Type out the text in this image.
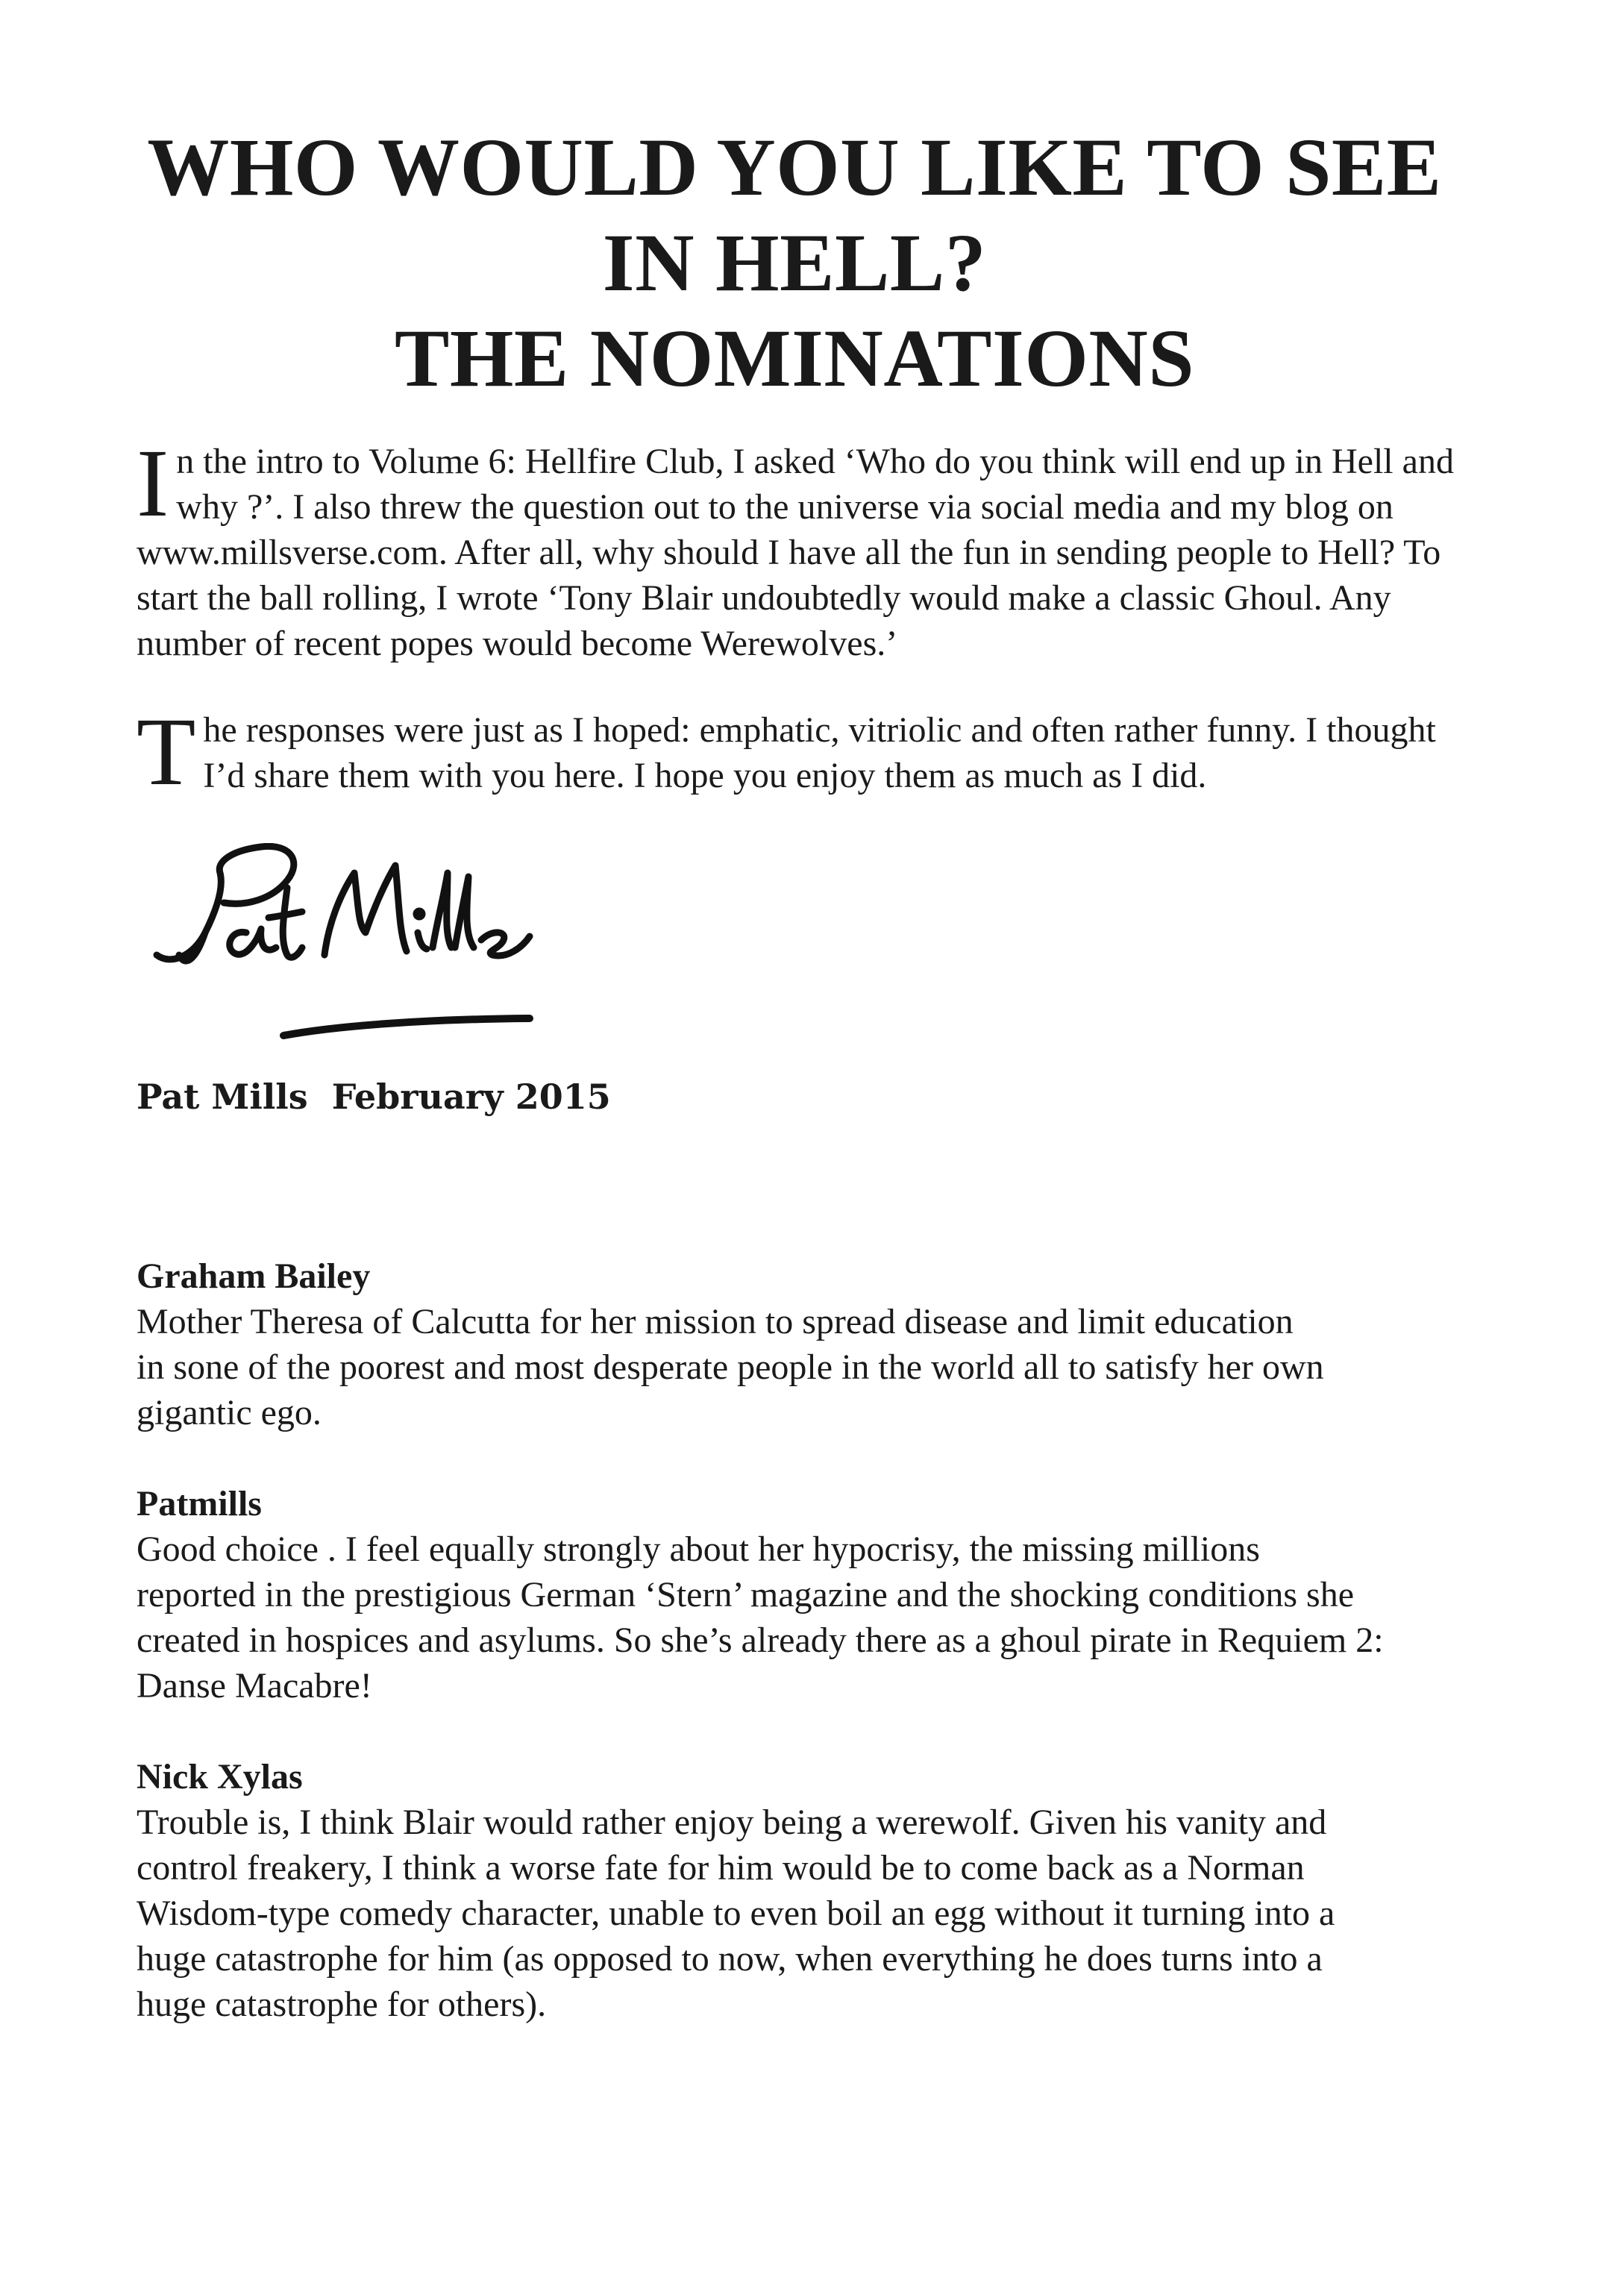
WHO WOULD YOU LIKE TO SEE
IN HELL?
THE NOMINATIONS

In the intro to Volume 6: Hellfire Club, I asked ‘Who do you think will end up in Hell and why ?’. I also threw the question out to the universe via social media and my blog on www.millsverse.com. After all, why should I have all the fun in sending people to Hell? To start the ball rolling, I wrote ‘Tony Blair undoubtedly would make a classic Ghoul. Any number of recent popes would become Werewolves.’

The responses were just as I hoped: emphatic, vitriolic and often rather funny. I thought I’d share them with you here. I hope you enjoy them as much as I did.

Pat Mills  February 2015
Graham Bailey
Mother Theresa of Calcutta for her mission to spread disease and limit education
in sone of the poorest and most desperate people in the world all to satisfy her own
gigantic ego.
Patmills
Good choice . I feel equally strongly about her hypocrisy, the missing millions
reported in the prestigious German ‘Stern’ magazine and the shocking conditions she
created in hospices and asylums. So she’s already there as a ghoul pirate in Requiem 2:
Danse Macabre!
Nick Xylas
Trouble is, I think Blair would rather enjoy being a werewolf. Given his vanity and
control freakery, I think a worse fate for him would be to come back as a Norman
Wisdom-type comedy character, unable to even boil an egg without it turning into a
huge catastrophe for him (as opposed to now, when everything he does turns into a
huge catastrophe for others).
